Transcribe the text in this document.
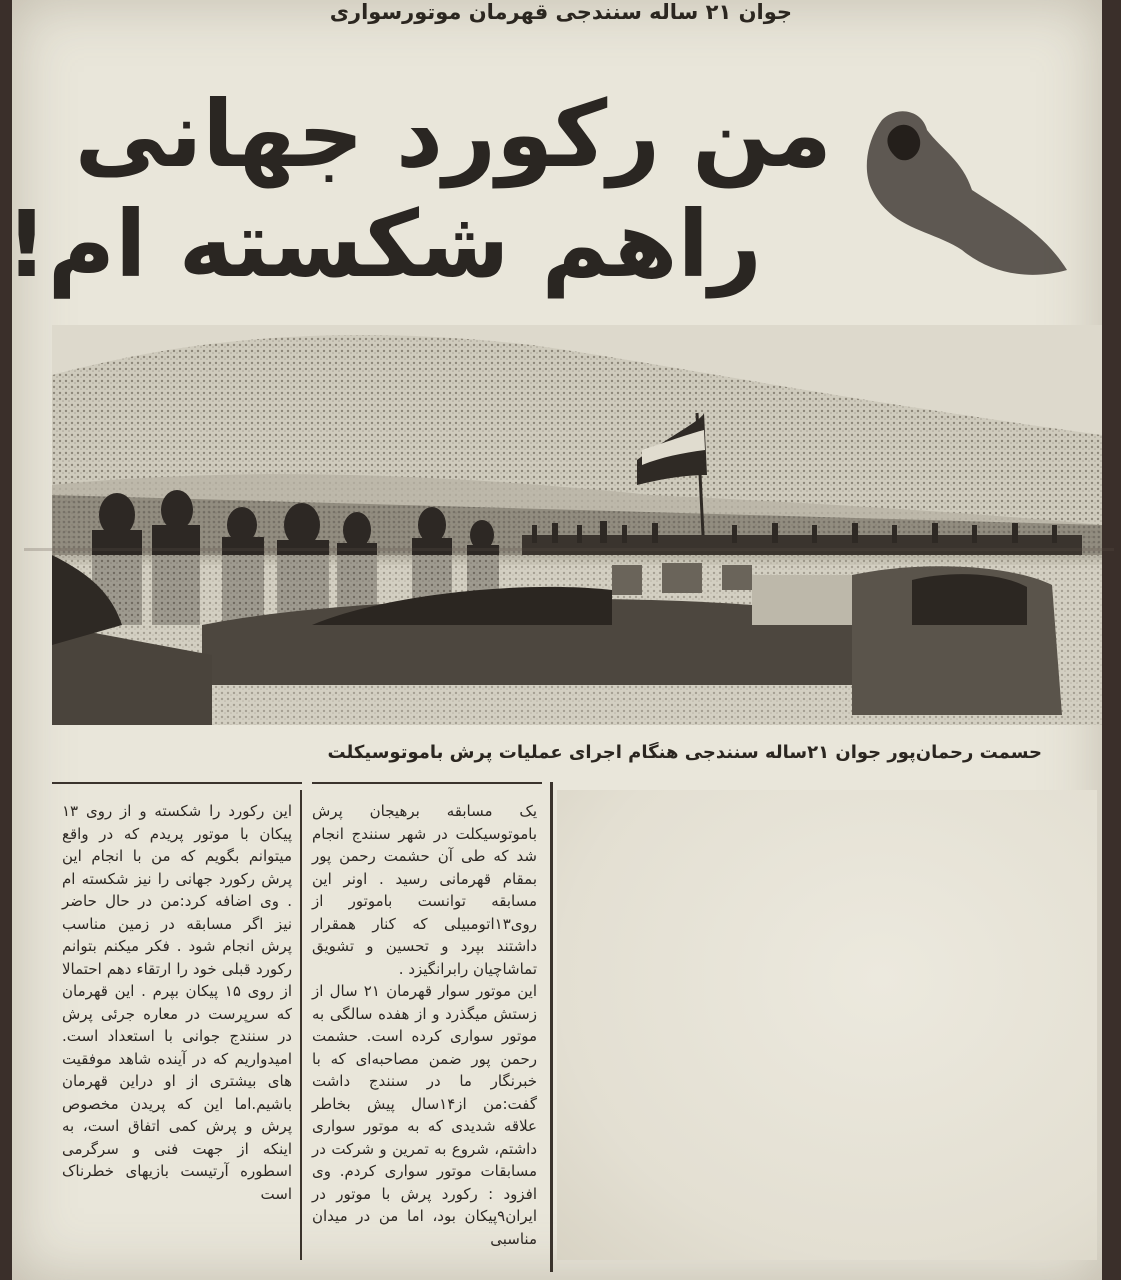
جوان ۲۱ ساله سنندجی قهرمان موتورسواری
من رکورد جهانی
راهم شکسته ام!
حسمت رحمان‌پور جوان ۲۱ساله سنندجی هنگام اجرای عملیات پرش باموتوسیکلت

یک مسابقه برهیجان پرش باموتوسیکلت در شهر سنندج انجام شد که طی آن حشمت رحمن پور بمقام قهرمانی رسید . اونر این مسابقه توانست باموتور از روی۱۳اتومبیلی که کنار همقرار داشتند بپرد و تحسین و تشویق تماشاچیان رابرانگیزد .

این موتور سوار قهرمان ۲۱ سال از زستش میگذرد و از هفده سالگی به موتور سواری کرده است. حشمت رحمن پور ضمن مصاحبه‌ای که با خبرنگار ما در سنندج داشت گفت:من از۱۴سال پیش بخاطر علاقه شدیدی که به موتور سواری داشتم، شروع به تمرین و شرکت در مسابقات موتور سواری کردم. وی افزود : رکورد پرش با موتور در ایران۹پیکان بود، اما من در میدان مناسبی

این رکورد را شکسته و از روی ۱۳ پیکان با موتور پریدم که در واقع میتوانم بگویم که من با انجام این پرش رکورد جهانی را نیز شکسته ام . وی اضافه کرد:من در حال حاضر نیز اگر مسابقه در زمین مناسب پرش انجام شود . فکر میکنم بتوانم رکورد قبلی خود را ارتقاء دهم احتمالا از روی ۱۵ پیکان بپرم . این قهرمان که سرپرست در معاره جرئی پرش در سنندج جوانی با استعداد است. امیدواریم که در آینده شاهد موفقیت های بیشتری از او دراین قهرمان باشیم.اما این که پریدن مخصوص پرش و پرش کمی اتفاق است، به اینکه از جهت فنی و سرگرمی اسطوره آرتیست بازیهای خطرناک است
